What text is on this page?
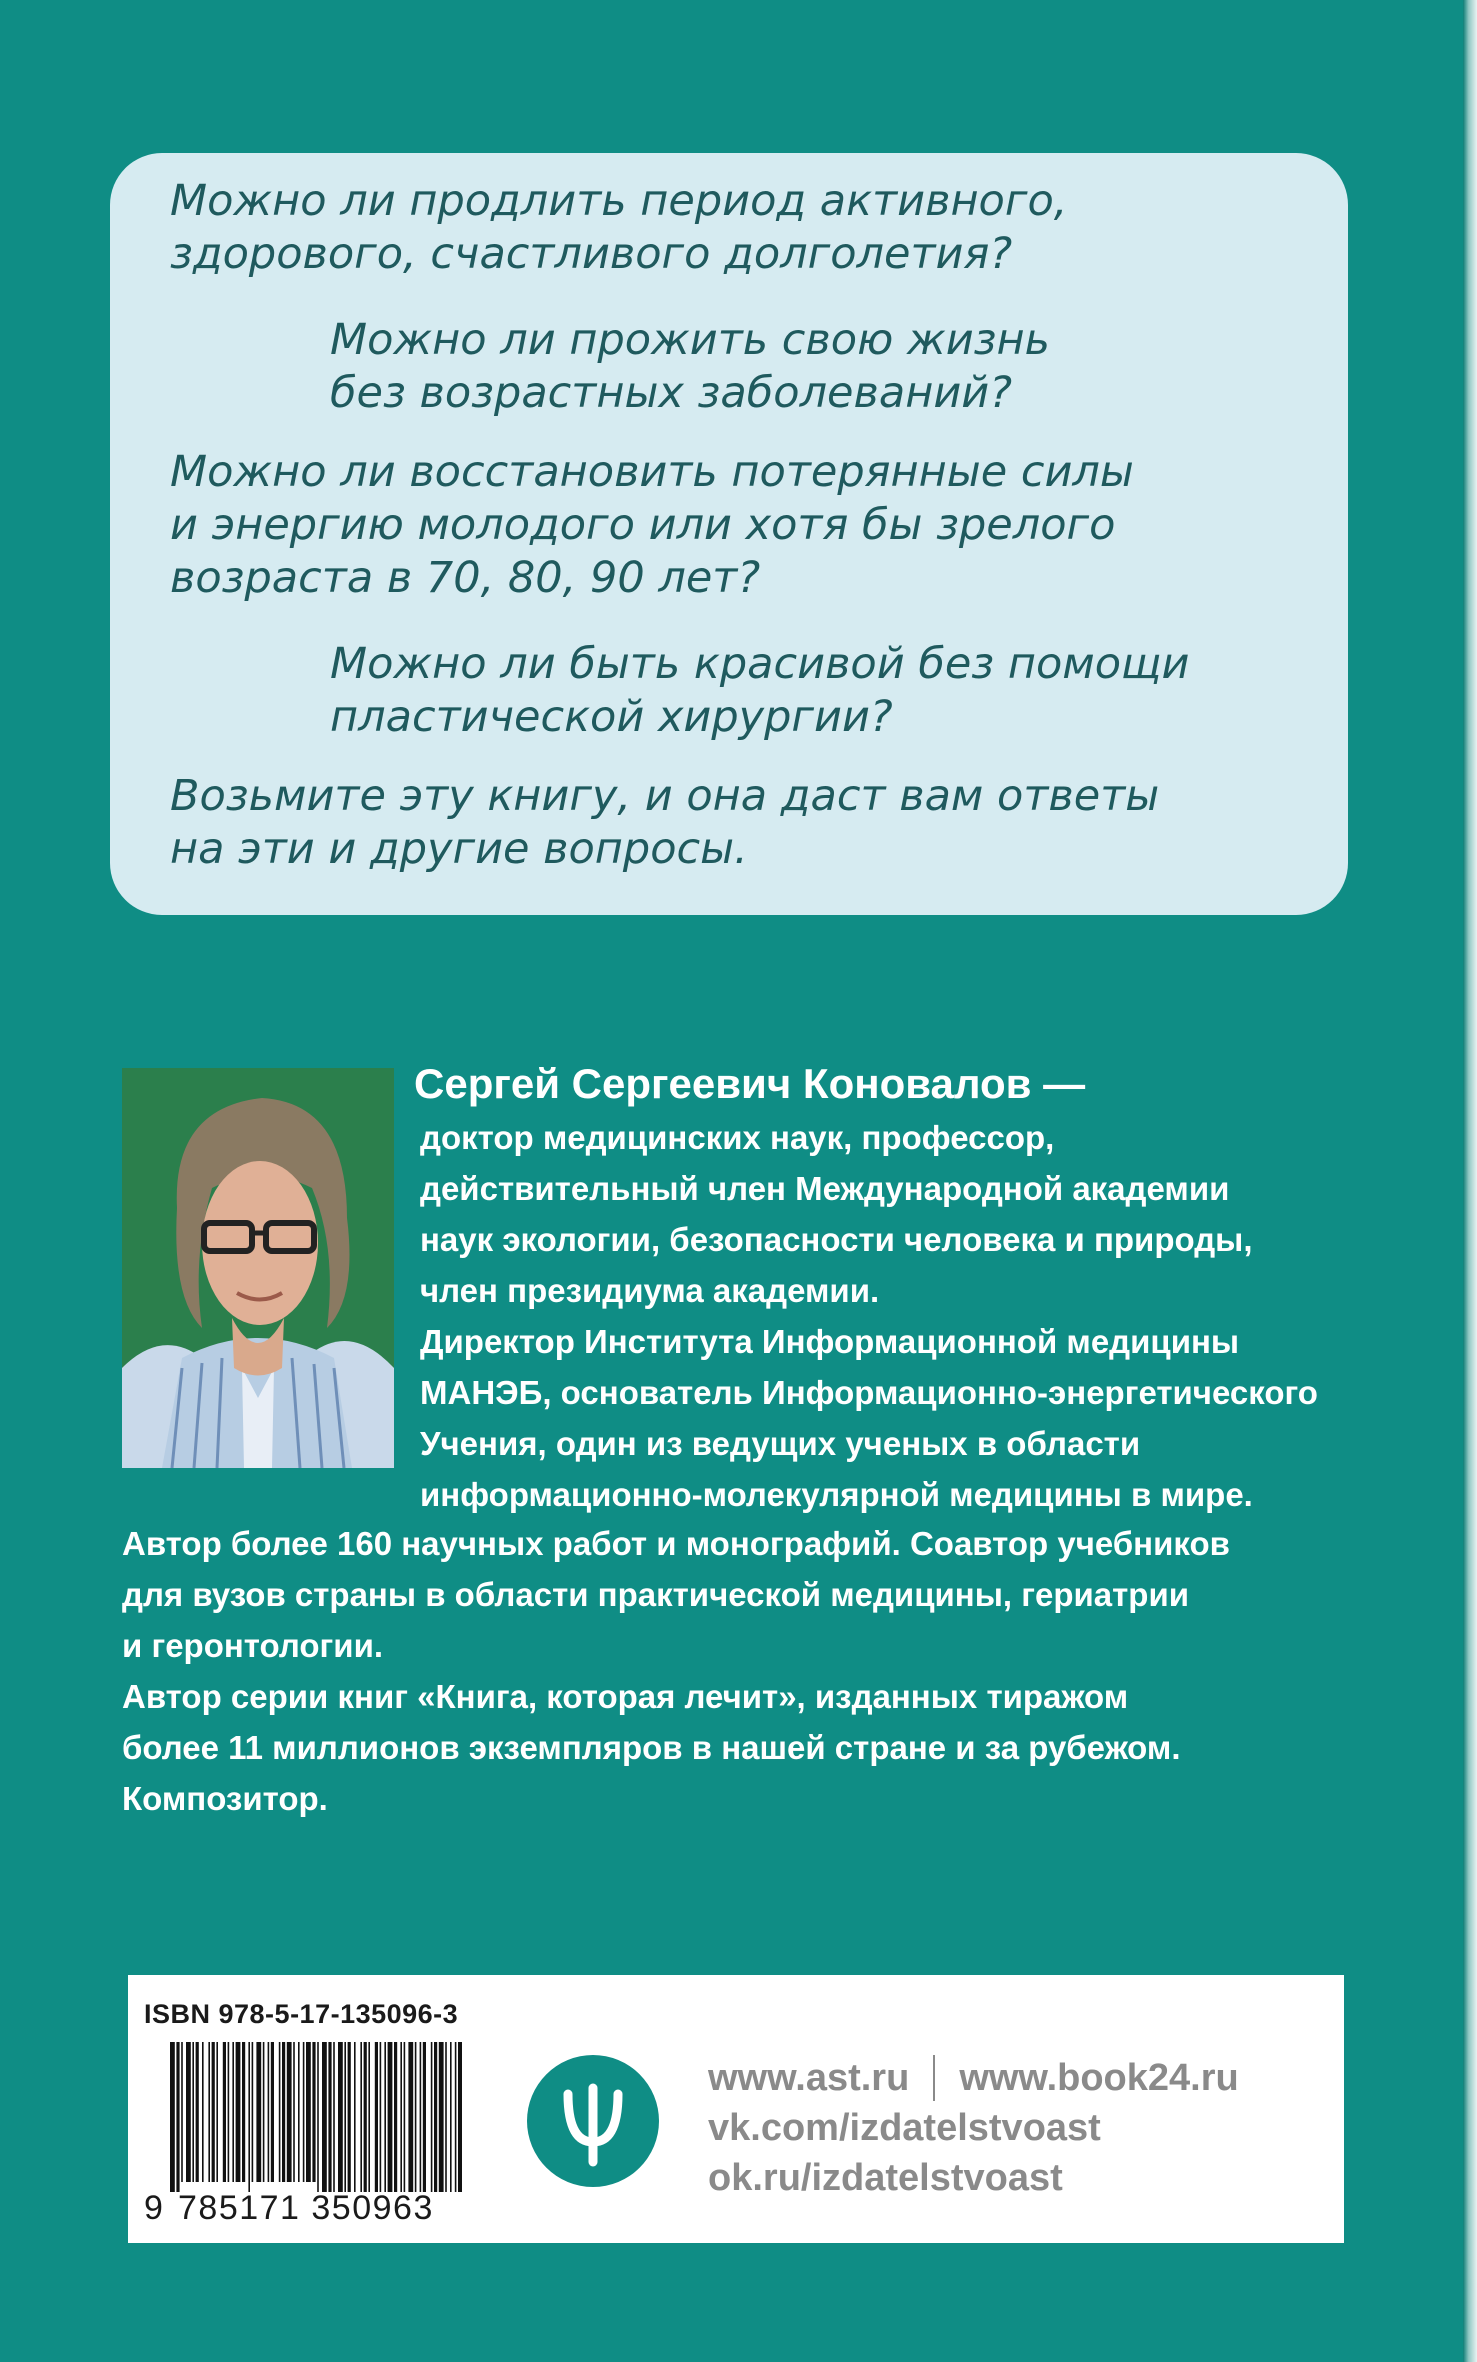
Можно ли продлить период активного,
здорового, счастливого долголетия?

Можно ли прожить свою жизнь
без возрастных заболеваний?

Можно ли восстановить потерянные силы
и энергию молодого или хотя бы зрелого
возраста в 70, 80, 90 лет?

Можно ли быть красивой без помощи
пластической хирургии?

Возьмите эту книгу, и она даст вам ответы
на эти и другие вопросы.

Сергей Сергеевич Коновалов —

доктор медицинских наук, профессор,
действительный член Международной академии
наук экологии, безопасности человека и природы,
член президиума академии.
Директор Института Информационной медицины
МАНЭБ, основатель Информационно-энергетического
Учения, один из ведущих ученых в области
информационно-молекулярной медицины в мире.
Автор более 160 научных работ и монографий. Соавтор учебников
для вузов страны в области практической медицины, гериатрии
и геронтологии.
Автор серии книг «Книга, которая лечит», изданных тиражом
более 11 миллионов экземпляров в нашей стране и за рубежом.
Композитор.
ISBN 978-5-17-135096-3
9 785171 350963
www.ast.ru www.book24.ru
vk.com/izdatelstvoast
ok.ru/izdatelstvoast
